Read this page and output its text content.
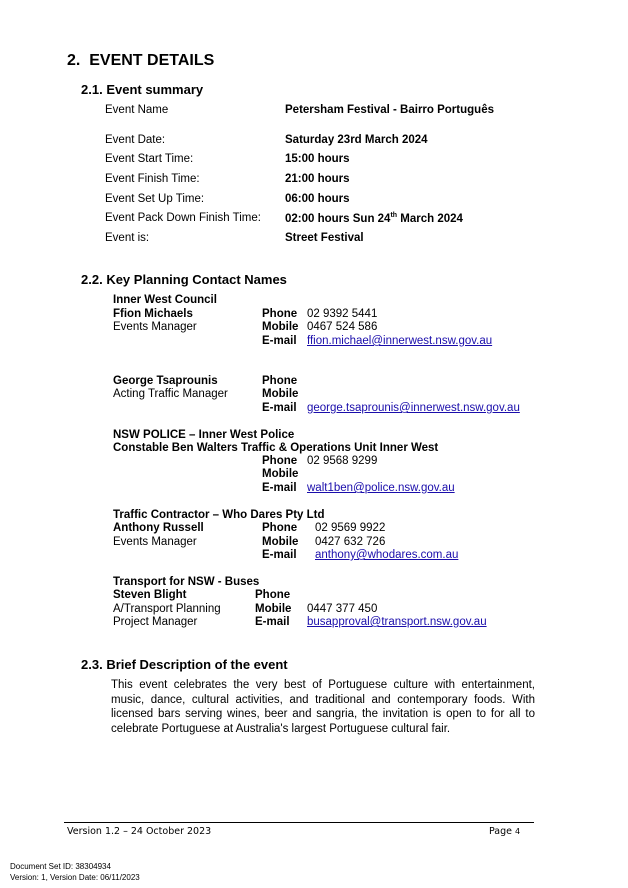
2. EVENT DETAILS
2.1. Event summary
Event Name	Petersham Festival - Bairro Português
Event Date:	Saturday 23rd March 2024
Event Start Time:	15:00 hours
Event Finish Time:	21:00 hours
Event Set Up Time:	06:00 hours
Event Pack Down Finish Time: 02:00 hours Sun 24th March 2024
Event is:	Street Festival
2.2. Key Planning Contact Names
Inner West Council
Ffion Michaels	Phone 02 9392 5441
Events Manager	Mobile 0467 524 586
E-mail ffion.michael@innerwest.nsw.gov.au
George Tsaprounis	Phone
Acting Traffic Manager	Mobile
E-mail george.tsaprounis@innerwest.nsw.gov.au
NSW POLICE – Inner West Police
Constable Ben Walters Traffic & Operations Unit Inner West
Phone 02 9568 9299
Mobile
E-mail walt1ben@police.nsw.gov.au
Traffic Contractor – Who Dares Pty Ltd
Anthony Russell	Phone 02 9569 9922
Events Manager	Mobile 0427 632 726
E-mail anthony@whodares.com.au
Transport for NSW - Buses
Steven Blight	Phone
A/Transport Planning	Mobile 0447 377 450
Project Manager	E-mail busapproval@transport.nsw.gov.au
2.3. Brief Description of the event
This event celebrates the very best of Portuguese culture with entertainment, music, dance, cultural activities, and traditional and contemporary foods. With licensed bars serving wines, beer and sangria, the invitation is open to for all to celebrate Portuguese at Australia's largest Portuguese cultural fair.
Version 1.2 – 24 October 2023	Page 4
Document Set ID: 38304934
Version: 1, Version Date: 06/11/2023
